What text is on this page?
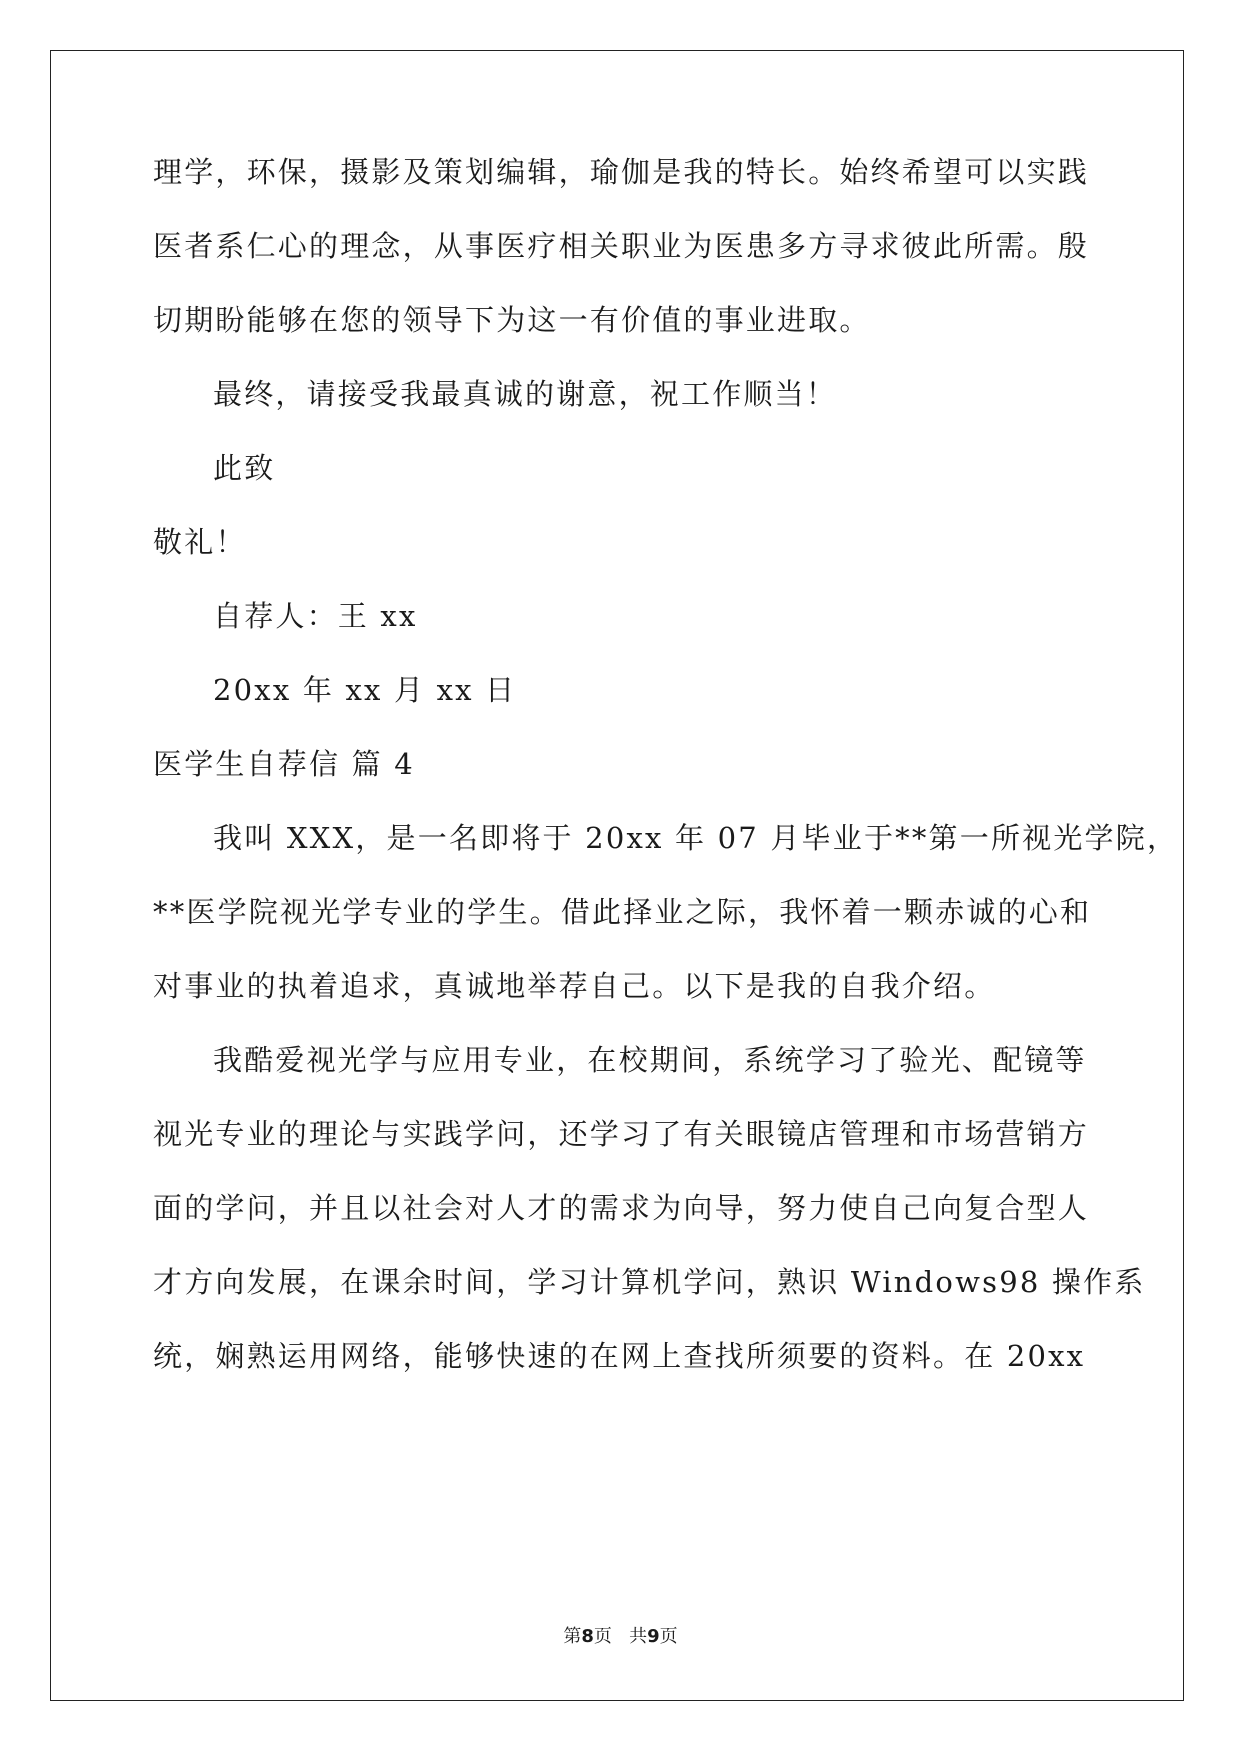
理学，环保，摄影及策划编辑，瑜伽是我的特长。始终希望可以实践
医者系仁心的理念，从事医疗相关职业为医患多方寻求彼此所需。殷
切期盼能够在您的领导下为这一有价值的事业进取。
最终，请接受我最真诚的谢意，祝工作顺当！
此致
敬礼！
自荐人：王 xx
20xx 年 xx 月 xx 日
医学生自荐信 篇 4
我叫 XXX，是一名即将于 20xx 年 07 月毕业于**第一所视光学院，
**医学院视光学专业的学生。借此择业之际，我怀着一颗赤诚的心和
对事业的执着追求，真诚地举荐自己。以下是我的自我介绍。
我酷爱视光学与应用专业，在校期间，系统学习了验光、配镜等
视光专业的理论与实践学问，还学习了有关眼镜店管理和市场营销方
面的学问，并且以社会对人才的需求为向导，努力使自己向复合型人
才方向发展，在课余时间，学习计算机学问，熟识 Windows98 操作系
统，娴熟运用网络，能够快速的在网上查找所须要的资料。在 20xx
第8页   共9页
